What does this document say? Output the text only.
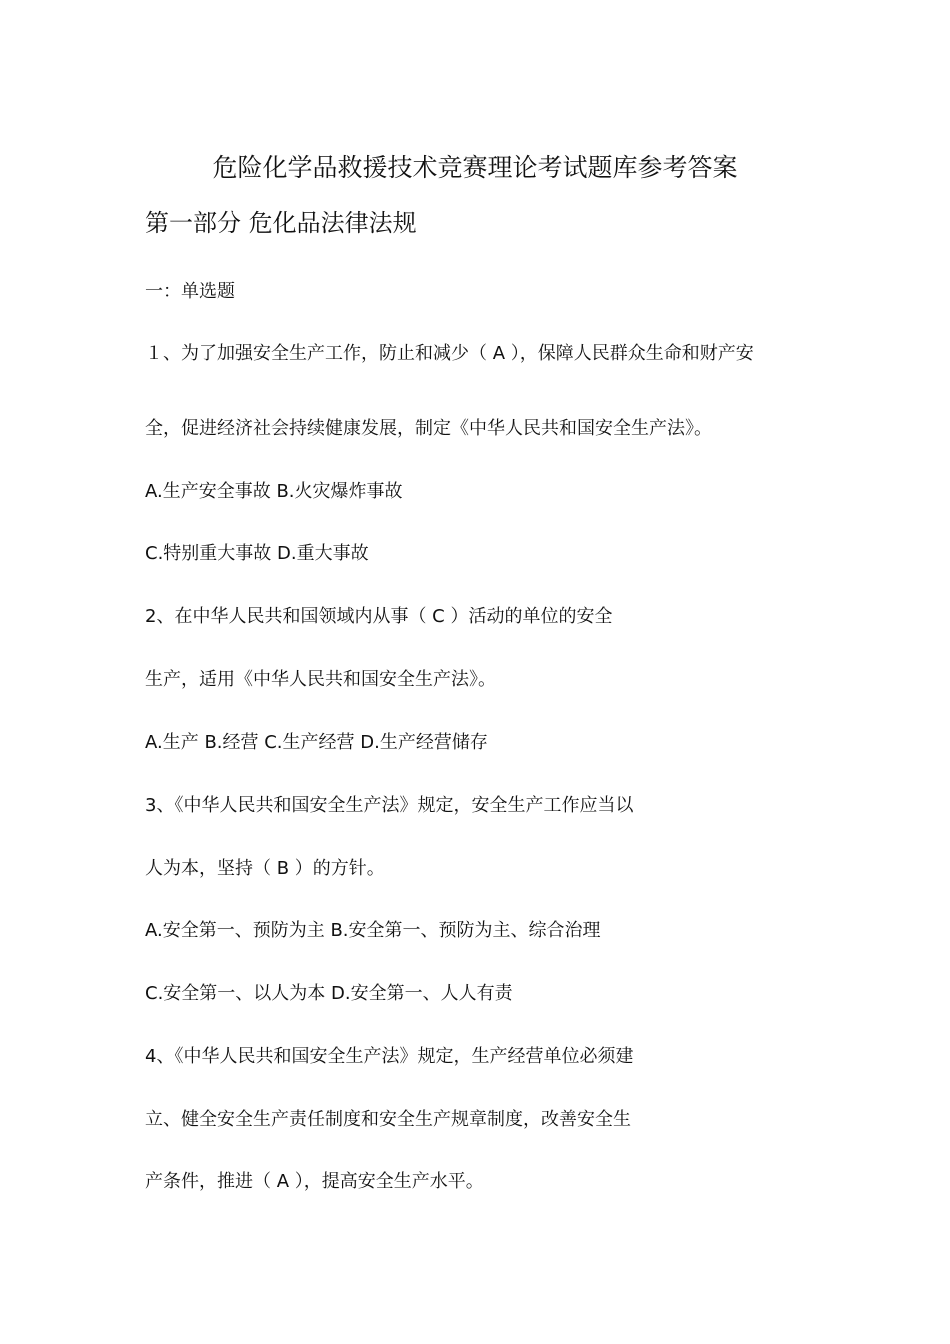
危险化学品救援技术竞赛理论考试题库参考答案
第一部分 危化品法律法规
一：单选题
１、为了加强安全生产工作，防止和减少（ A ），保障人民群众生命和财产安
全，促进经济社会持续健康发展，制定《中华人民共和国安全生产法》。
A.生产安全事故 B.火灾爆炸事故
C.特别重大事故 D.重大事故
2、在中华人民共和国领域内从事（ C ）活动的单位的安全
生产，适用《中华人民共和国安全生产法》。
A.生产 B.经营 C.生产经营 D.生产经营储存
3、《中华人民共和国安全生产法》规定，安全生产工作应当以
人为本，坚持（ B ）的方针。
A.安全第一、预防为主 B.安全第一、预防为主、综合治理
C.安全第一、以人为本 D.安全第一、人人有责
4、《中华人民共和国安全生产法》规定，生产经营单位必须建
立、健全安全生产责任制度和安全生产规章制度，改善安全生
产条件，推进（ A ），提高安全生产水平。
